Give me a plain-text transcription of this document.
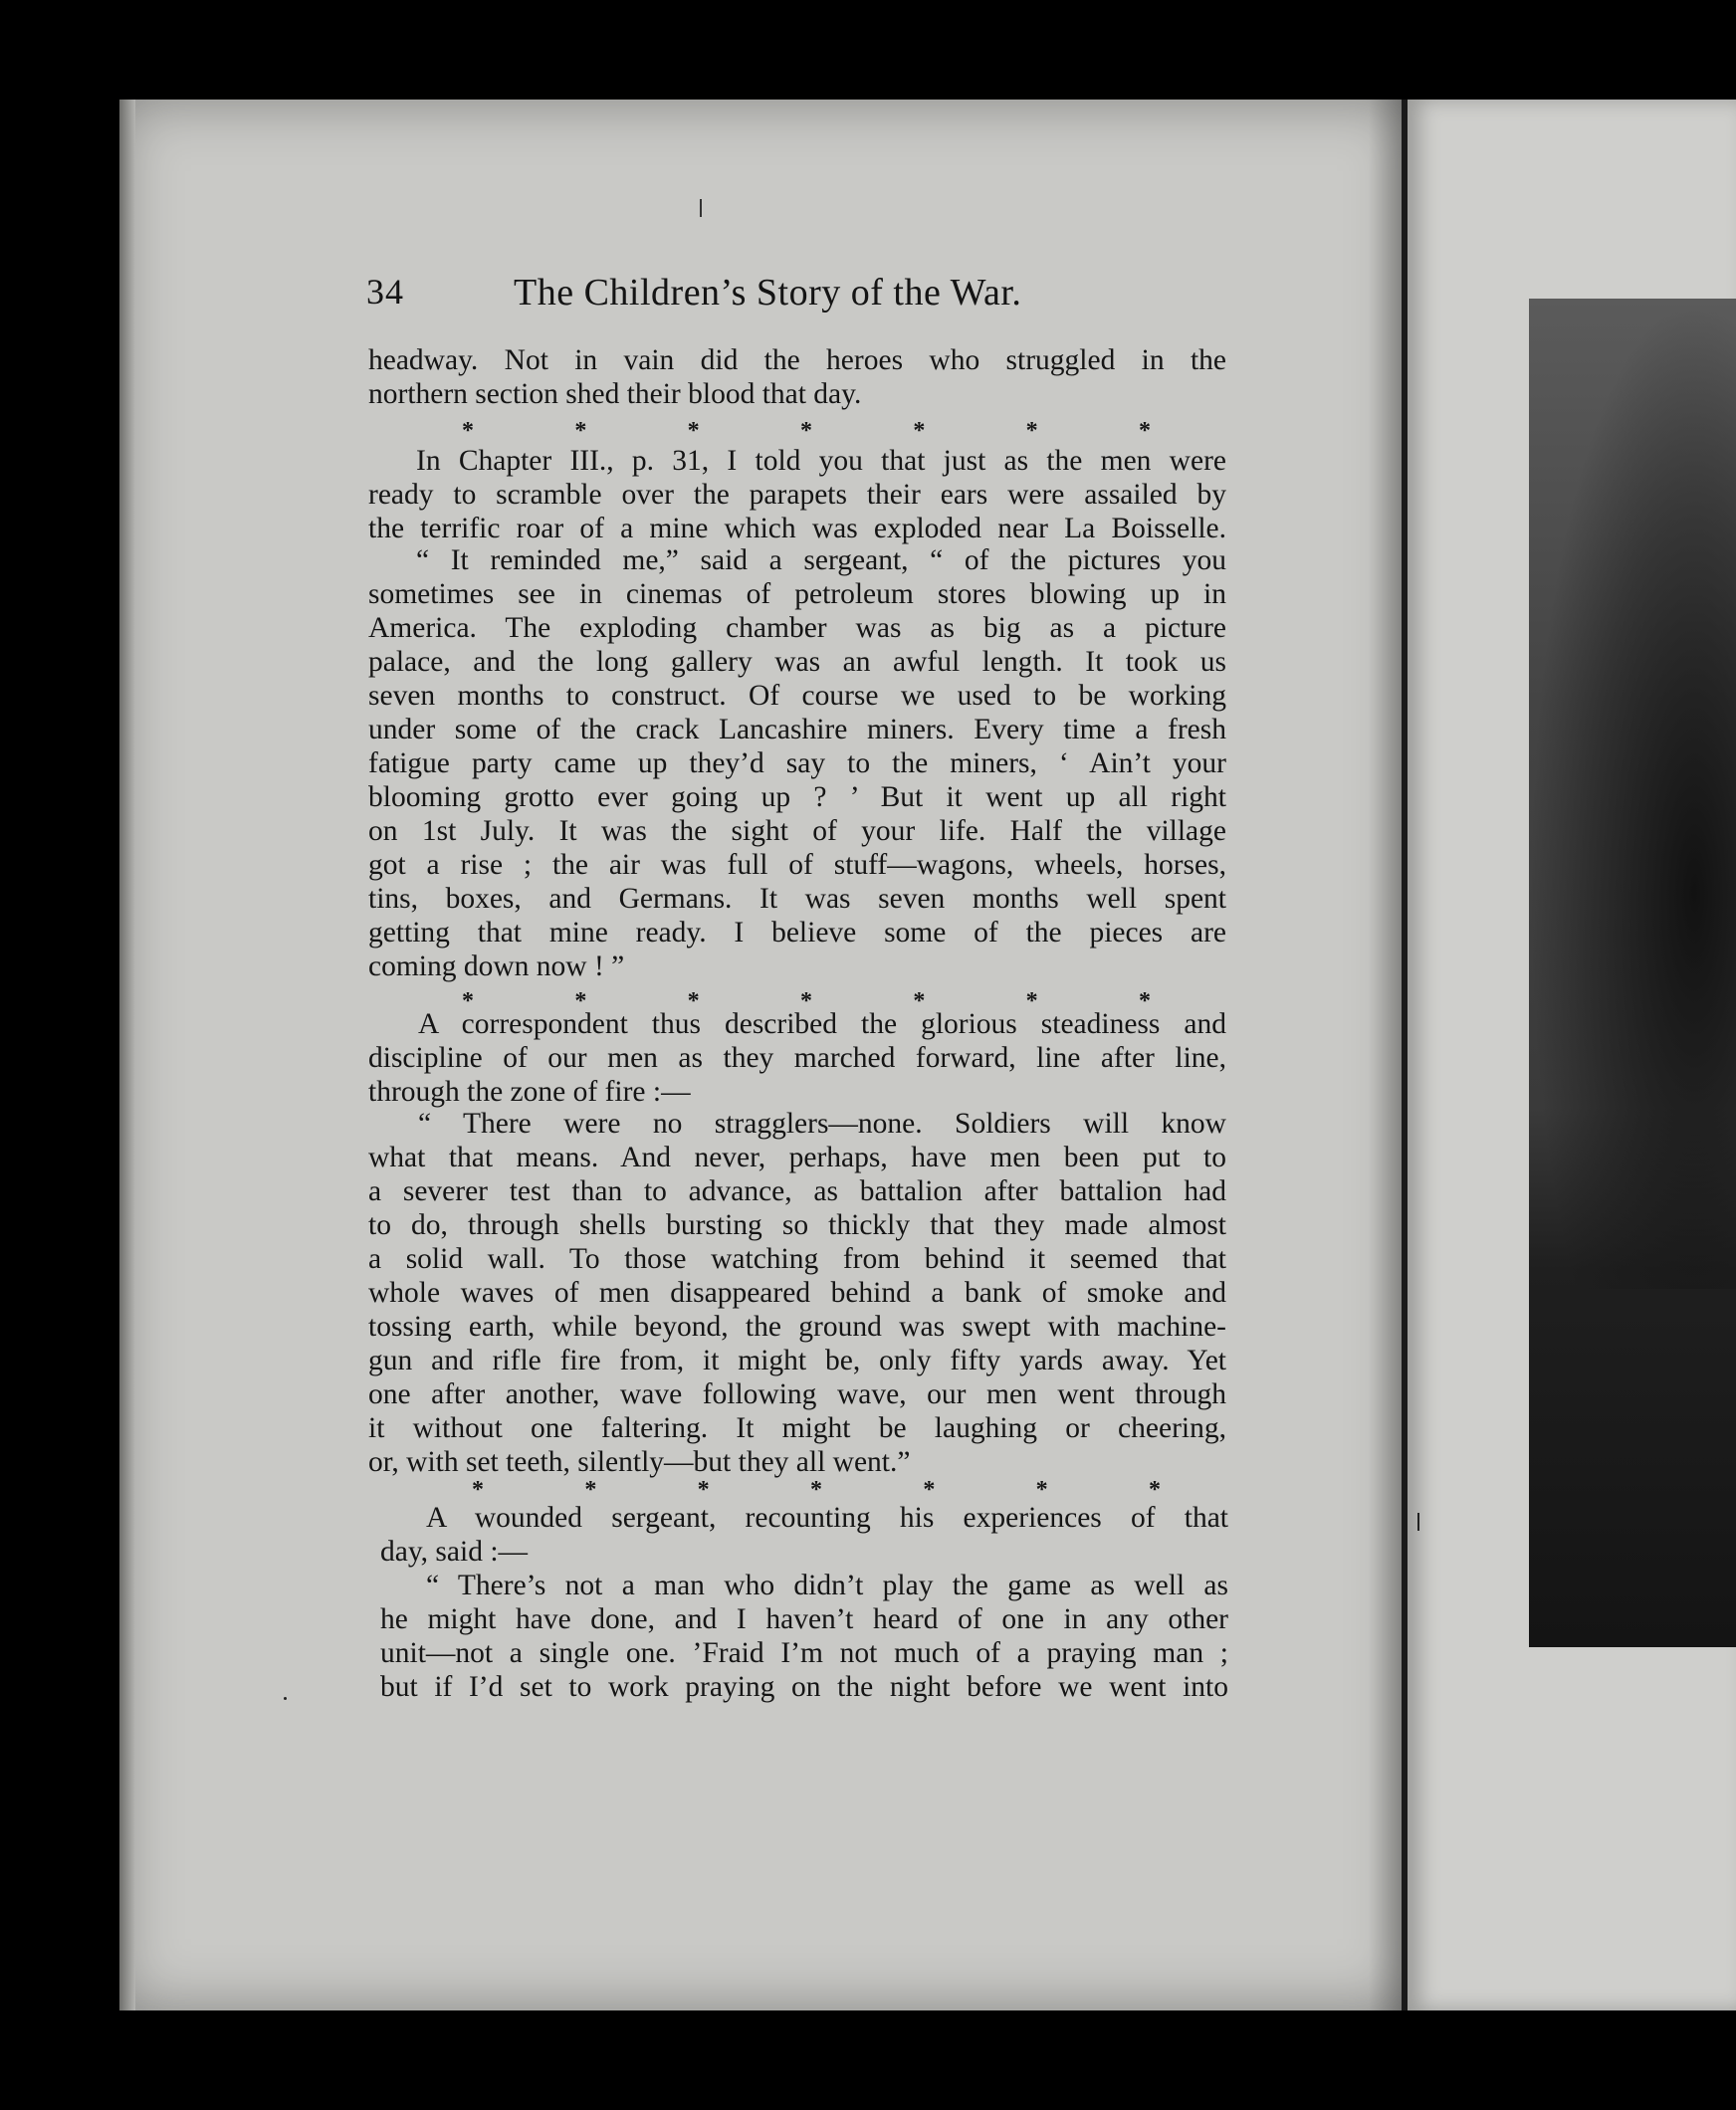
34	The Children’s Story of the War.
headway. Not in vain did the heroes who struggled in the
northern section shed their blood that day.
*	*	*	*	*	*	*
In Chapter III., p. 31, I told you that just as the men were
ready to scramble over the parapets their ears were assailed by
the terrific roar of a mine which was exploded near La Boisselle.
“ It reminded me,” said a sergeant, “ of the pictures you
sometimes see in cinemas of petroleum stores blowing up in
America. The exploding chamber was as big as a picture
palace, and the long gallery was an awful length. It took us
seven months to construct. Of course we used to be working
under some of the crack Lancashire miners. Every time a fresh
fatigue party came up they’d say to the miners, ‘ Ain’t your
blooming grotto ever going up ? ’ But it went up all right
on 1st July. It was the sight of your life. Half the village
got a rise ; the air was full of stuff—wagons, wheels, horses,
tins, boxes, and Germans. It was seven months well spent
getting that mine ready. I believe some of the pieces are
coming down now ! ”
*	*	*	*	*	*	*
A correspondent thus described the glorious steadiness and
discipline of our men as they marched forward, line after line,
through the zone of fire :—
“ There were no stragglers—none. Soldiers will know
what that means. And never, perhaps, have men been put to
a severer test than to advance, as battalion after battalion had
to do, through shells bursting so thickly that they made almost
a solid wall. To those watching from behind it seemed that
whole waves of men disappeared behind a bank of smoke and
tossing earth, while beyond, the ground was swept with machine-
gun and rifle fire from, it might be, only fifty yards away. Yet
one after another, wave following wave, our men went through
it without one faltering. It might be laughing or cheering,
or, with set teeth, silently—but they all went.”
*	*	*	*	*	*	*
A wounded sergeant, recounting his experiences of that
day, said :—
“ There’s not a man who didn’t play the game as well as
he might have done, and I haven’t heard of one in any other
unit—not a single one. ’Fraid I’m not much of a praying man ;
but if I’d set to work praying on the night before we went into
